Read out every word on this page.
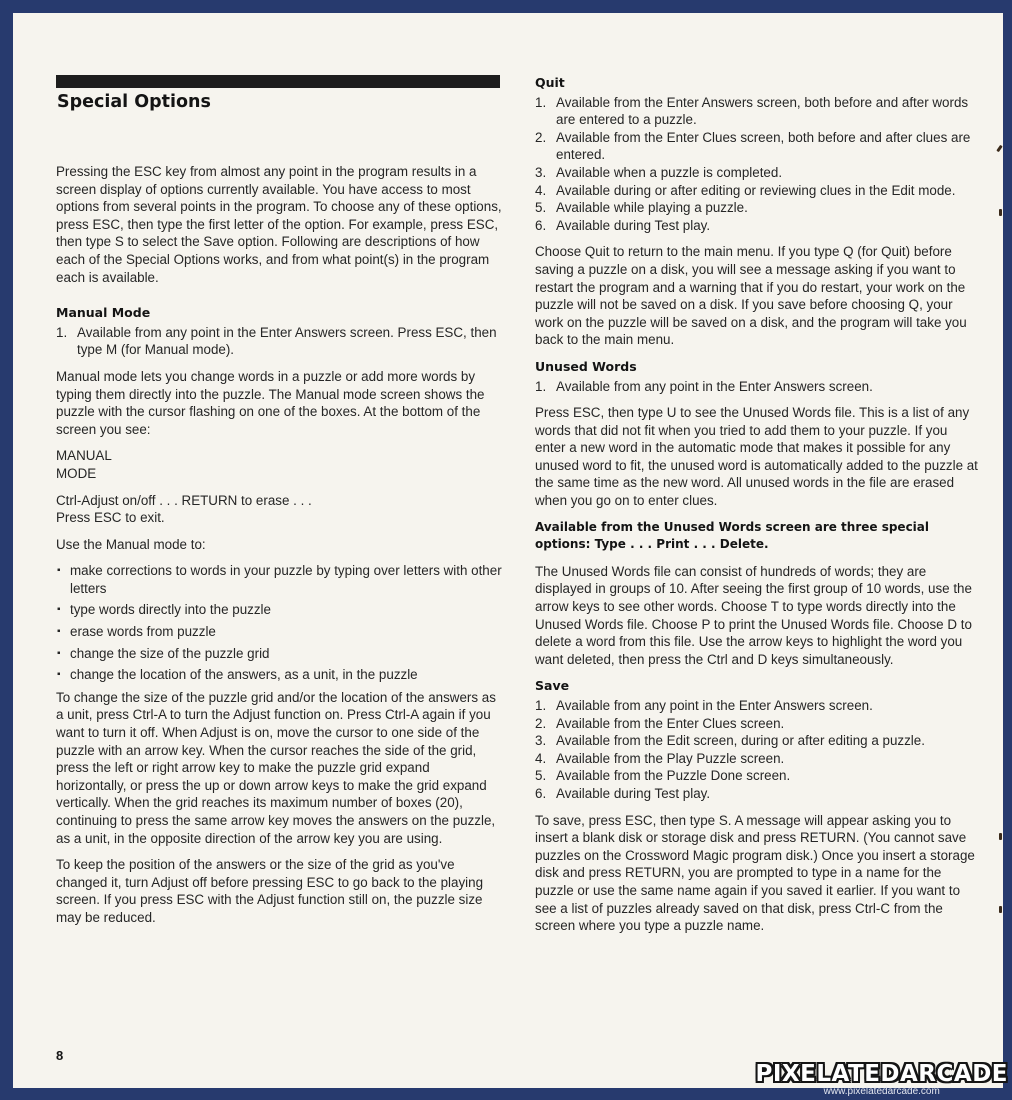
Special Options

Pressing the ESC key from almost any point in the program results in a screen display of options currently available. You have access to most options from several points in the program. To choose any of these options, press ESC, then type the first letter of the option. For example, press ESC, then type S to select the Save option. Following are descriptions of how each of the Special Options works, and from what point(s) in the program each is available.

Manual Mode
1. Available from any point in the Enter Answers screen. Press ESC, then type M (for Manual mode).

Manual mode lets you change words in a puzzle or add more words by typing them directly into the puzzle. The Manual mode screen shows the puzzle with the cursor flashing on one of the boxes. At the bottom of the screen you see:

MANUAL
MODE
Ctrl-Adjust on/off . . . RETURN to erase . . .
Press ESC to exit.

Use the Manual mode to:

▪ make corrections to words in your puzzle by typing over letters with other letters
▪ type words directly into the puzzle
▪ erase words from puzzle
▪ change the size of the puzzle grid
▪ change the location of the answers, as a unit, in the puzzle

To change the size of the puzzle grid and/or the location of the answers as a unit, press Ctrl-A to turn the Adjust function on. Press Ctrl-A again if you want to turn it off. When Adjust is on, move the cursor to one side of the puzzle with an arrow key. When the cursor reaches the side of the grid, press the left or right arrow key to make the puzzle grid expand horizontally, or press the up or down arrow keys to make the grid expand vertically. When the grid reaches its maximum number of boxes (20), continuing to press the same arrow key moves the answers on the puzzle, as a unit, in the opposite direction of the arrow key you are using.

To keep the position of the answers or the size of the grid as you've changed it, turn Adjust off before pressing ESC to go back to the playing screen. If you press ESC with the Adjust function still on, the puzzle size may be reduced.

Quit
1. Available from the Enter Answers screen, both before and after words are entered to a puzzle.
2. Available from the Enter Clues screen, both before and after clues are entered.
3. Available when a puzzle is completed.
4. Available during or after editing or reviewing clues in the Edit mode.
5. Available while playing a puzzle.
6. Available during Test play.

Choose Quit to return to the main menu. If you type Q (for Quit) before saving a puzzle on a disk, you will see a message asking if you want to restart the program and a warning that if you do restart, your work on the puzzle will not be saved on a disk. If you save before choosing Q, your work on the puzzle will be saved on a disk, and the program will take you back to the main menu.

Unused Words
1. Available from any point in the Enter Answers screen.

Press ESC, then type U to see the Unused Words file. This is a list of any words that did not fit when you tried to add them to your puzzle. If you enter a new word in the automatic mode that makes it possible for any unused word to fit, the unused word is automatically added to the puzzle at the same time as the new word. All unused words in the file are erased when you go on to enter clues.

Available from the Unused Words screen are three special options: Type . . . Print . . . Delete.

The Unused Words file can consist of hundreds of words; they are displayed in groups of 10. After seeing the first group of 10 words, use the arrow keys to see other words. Choose T to type words directly into the Unused Words file. Choose P to print the Unused Words file. Choose D to delete a word from this file. Use the arrow keys to highlight the word you want deleted, then press the Ctrl and D keys simultaneously.

Save
1. Available from any point in the Enter Answers screen.
2. Available from the Enter Clues screen.
3. Available from the Edit screen, during or after editing a puzzle.
4. Available from the Play Puzzle screen.
5. Available from the Puzzle Done screen.
6. Available during Test play.

To save, press ESC, then type S. A message will appear asking you to insert a blank disk or storage disk and press RETURN. (You cannot save puzzles on the Crossword Magic program disk.) Once you insert a storage disk and press RETURN, you are prompted to type in a name for the puzzle or use the same name again if you saved it earlier. If you want to see a list of puzzles already saved on that disk, press Ctrl-C from the screen where you type a puzzle name.

8
PIXELATEDARCADE
www.pixelatedarcade.com
